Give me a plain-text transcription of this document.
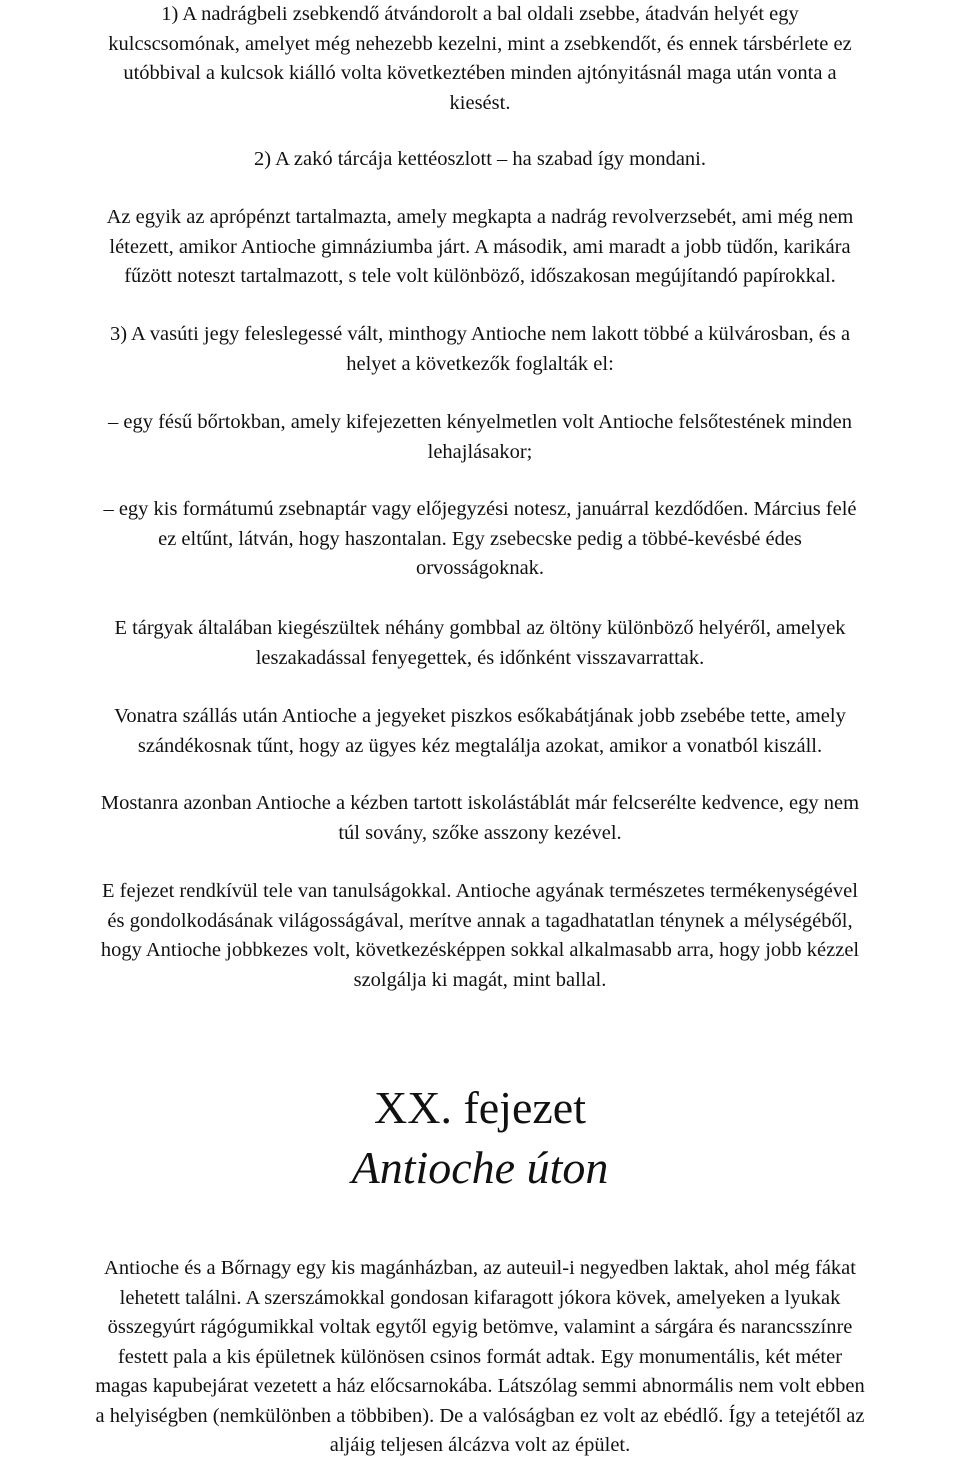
1) A nadrágbeli zsebkendő átvándorolt a bal oldali zsebbe, átadván helyét egy
kulcscsomónak, amelyet még nehezebb kezelni, mint a zsebkendőt, és ennek társbérlete ez
utóbbival a kulcsok kiálló volta következtében minden ajtónyitásnál maga után vonta a
kiesést.

2) A zakó tárcája kettéoszlott – ha szabad így mondani.

Az egyik az aprópénzt tartalmazta, amely megkapta a nadrág revolverzsebét, ami még nem
létezett, amikor Antioche gimnáziumba járt. A második, ami maradt a jobb tüdőn, karikára
fűzött noteszt tartalmazott, s tele volt különböző, időszakosan megújítandó papírokkal.

3) A vasúti jegy feleslegessé vált, minthogy Antioche nem lakott többé a külvárosban, és a
helyet a következők foglalták el:

– egy fésű bőrtokban, amely kifejezetten kényelmetlen volt Antioche felsőtestének minden
lehajlásakor;

– egy kis formátumú zsebnaptár vagy előjegyzési notesz, januárral kezdődően. Március felé
ez eltűnt, látván, hogy haszontalan. Egy zsebecske pedig a többé-kevésbé édes
orvosságoknak.

E tárgyak általában kiegészültek néhány gombbal az öltöny különböző helyéről, amelyek
leszakadással fenyegettek, és időnként visszavarrattak.

Vonatra szállás után Antioche a jegyeket piszkos esőkabátjának jobb zsebébe tette, amely
szándékosnak tűnt, hogy az ügyes kéz megtalálja azokat, amikor a vonatból kiszáll.

Mostanra azonban Antioche a kézben tartott iskolástáblát már felcserélte kedvence, egy nem
túl sovány, szőke asszony kezével.

E fejezet rendkívül tele van tanulságokkal. Antioche agyának természetes termékenységével
és gondolkodásának világosságával, merítve annak a tagadhatatlan ténynek a mélységéből,
hogy Antioche jobbkezes volt, következésképpen sokkal alkalmasabb arra, hogy jobb kézzel
szolgálja ki magát, mint ballal.

XX. fejezet
Antioche úton

Antioche és a Bőrnagy egy kis magánházban, az auteuil-i negyedben laktak, ahol még fákat
lehetett találni. A szerszámokkal gondosan kifaragott jókora kövek, amelyeken a lyukak
összegyúrt rágógumikkal voltak egytől egyig betömve, valamint a sárgára és narancsszínre
festett pala a kis épületnek különösen csinos formát adtak. Egy monumentális, két méter
magas kapubejárat vezetett a ház előcsarnokába. Látszólag semmi abnormális nem volt ebben
a helyiségben (nemkülönben a többiben). De a valóságban ez volt az ebédlő. Így a tetejétől az
aljáig teljesen álcázva volt az épület.
